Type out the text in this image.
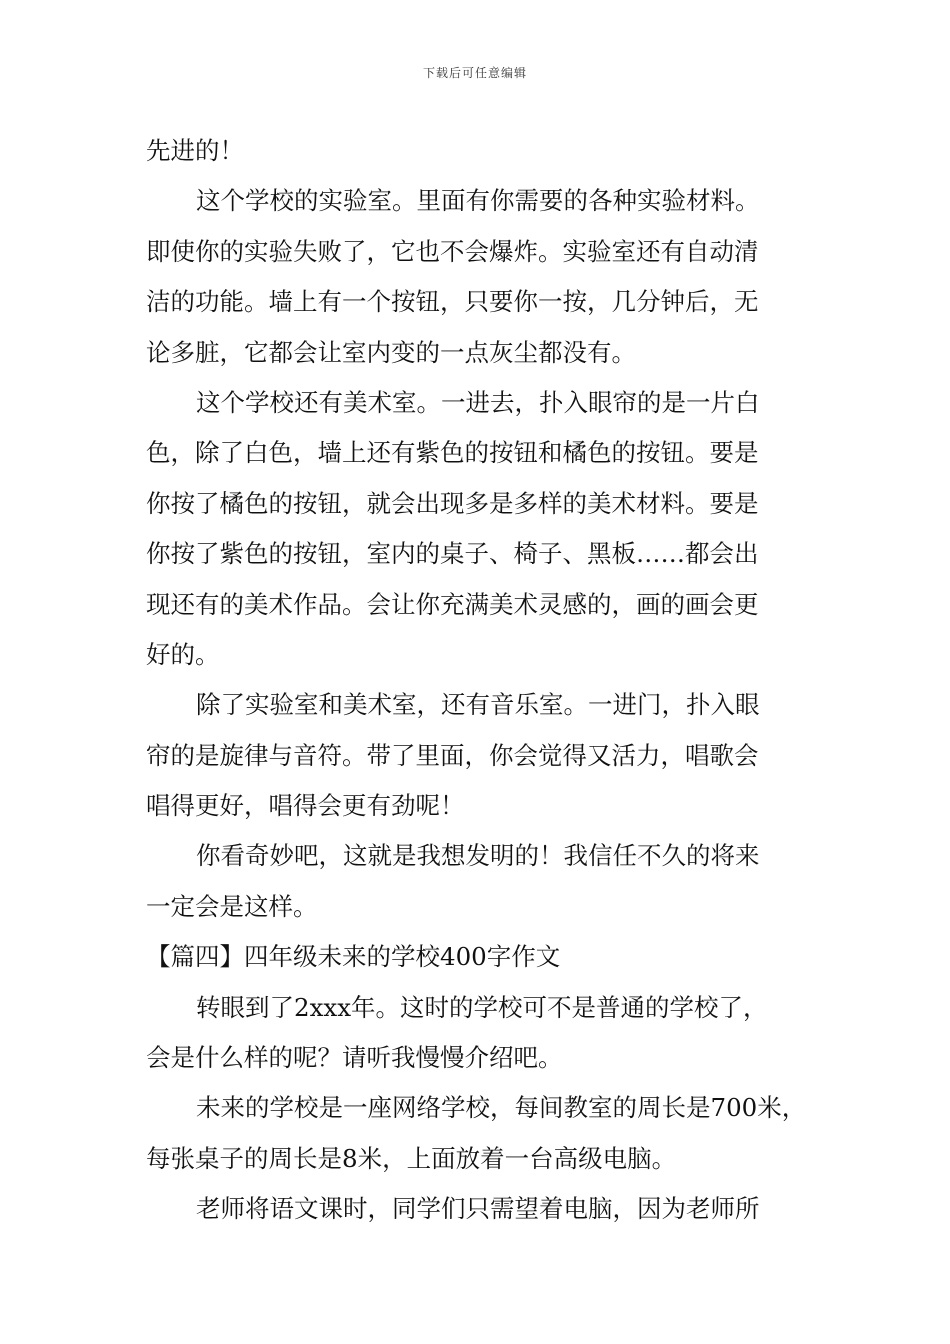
下载后可任意编辑
先进的！
这个学校的实验室。里面有你需要的各种实验材料。
即使你的实验失败了，它也不会爆炸。实验室还有自动清
洁的功能。墙上有一个按钮，只要你一按，几分钟后，无
论多脏，它都会让室内变的一点灰尘都没有。
这个学校还有美术室。一进去，扑入眼帘的是一片白
色，除了白色，墙上还有紫色的按钮和橘色的按钮。要是
你按了橘色的按钮，就会出现多是多样的美术材料。要是
你按了紫色的按钮，室内的桌子、椅子、黑板……都会出
现还有的美术作品。会让你充满美术灵感的，画的画会更
好的。
除了实验室和美术室，还有音乐室。一进门，扑入眼
帘的是旋律与音符。带了里面，你会觉得又活力，唱歌会
唱得更好，唱得会更有劲呢！
你看奇妙吧，这就是我想发明的！我信任不久的将来
一定会是这样。
【篇四】四年级未来的学校400字作文
转眼到了2xxx年。这时的学校可不是普通的学校了，
会是什么样的呢？请听我慢慢介绍吧。
未来的学校是一座网络学校，每间教室的周长是700米，
每张桌子的周长是8米，上面放着一台高级电脑。
老师将语文课时，同学们只需望着电脑，因为老师所
